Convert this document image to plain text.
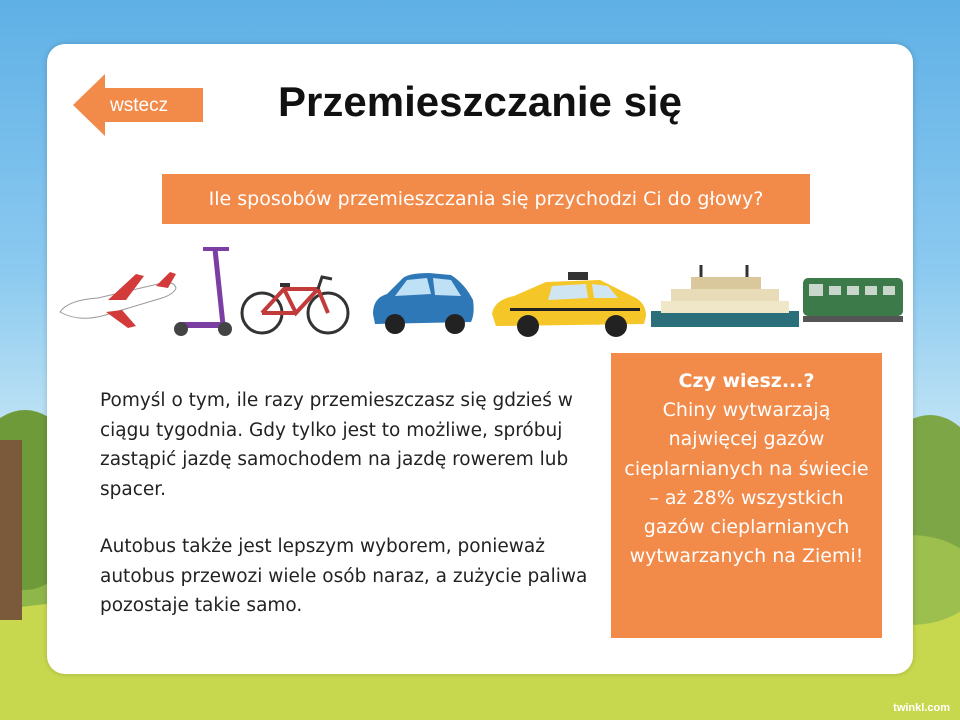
wstecz	Przemieszczanie się
Ile sposobów przemieszczania się przychodzi Ci do głowy?

Pomyśl o tym, ile razy przemieszczasz się gdzieś w ciągu tygodnia. Gdy tylko jest to możliwe, spróbuj zastąpić jazdę samochodem na jazdę rowerem lub spacer.

Autobus także jest lepszym wyborem, ponieważ autobus przewozi wiele osób naraz, a zużycie paliwa pozostaje takie samo.

Czy wiesz...?
Chiny wytwarzają najwięcej gazów cieplarnianych na świecie – aż 28% wszystkich gazów cieplarnianych wytwarzanych na Ziemi!
twinkl.com
